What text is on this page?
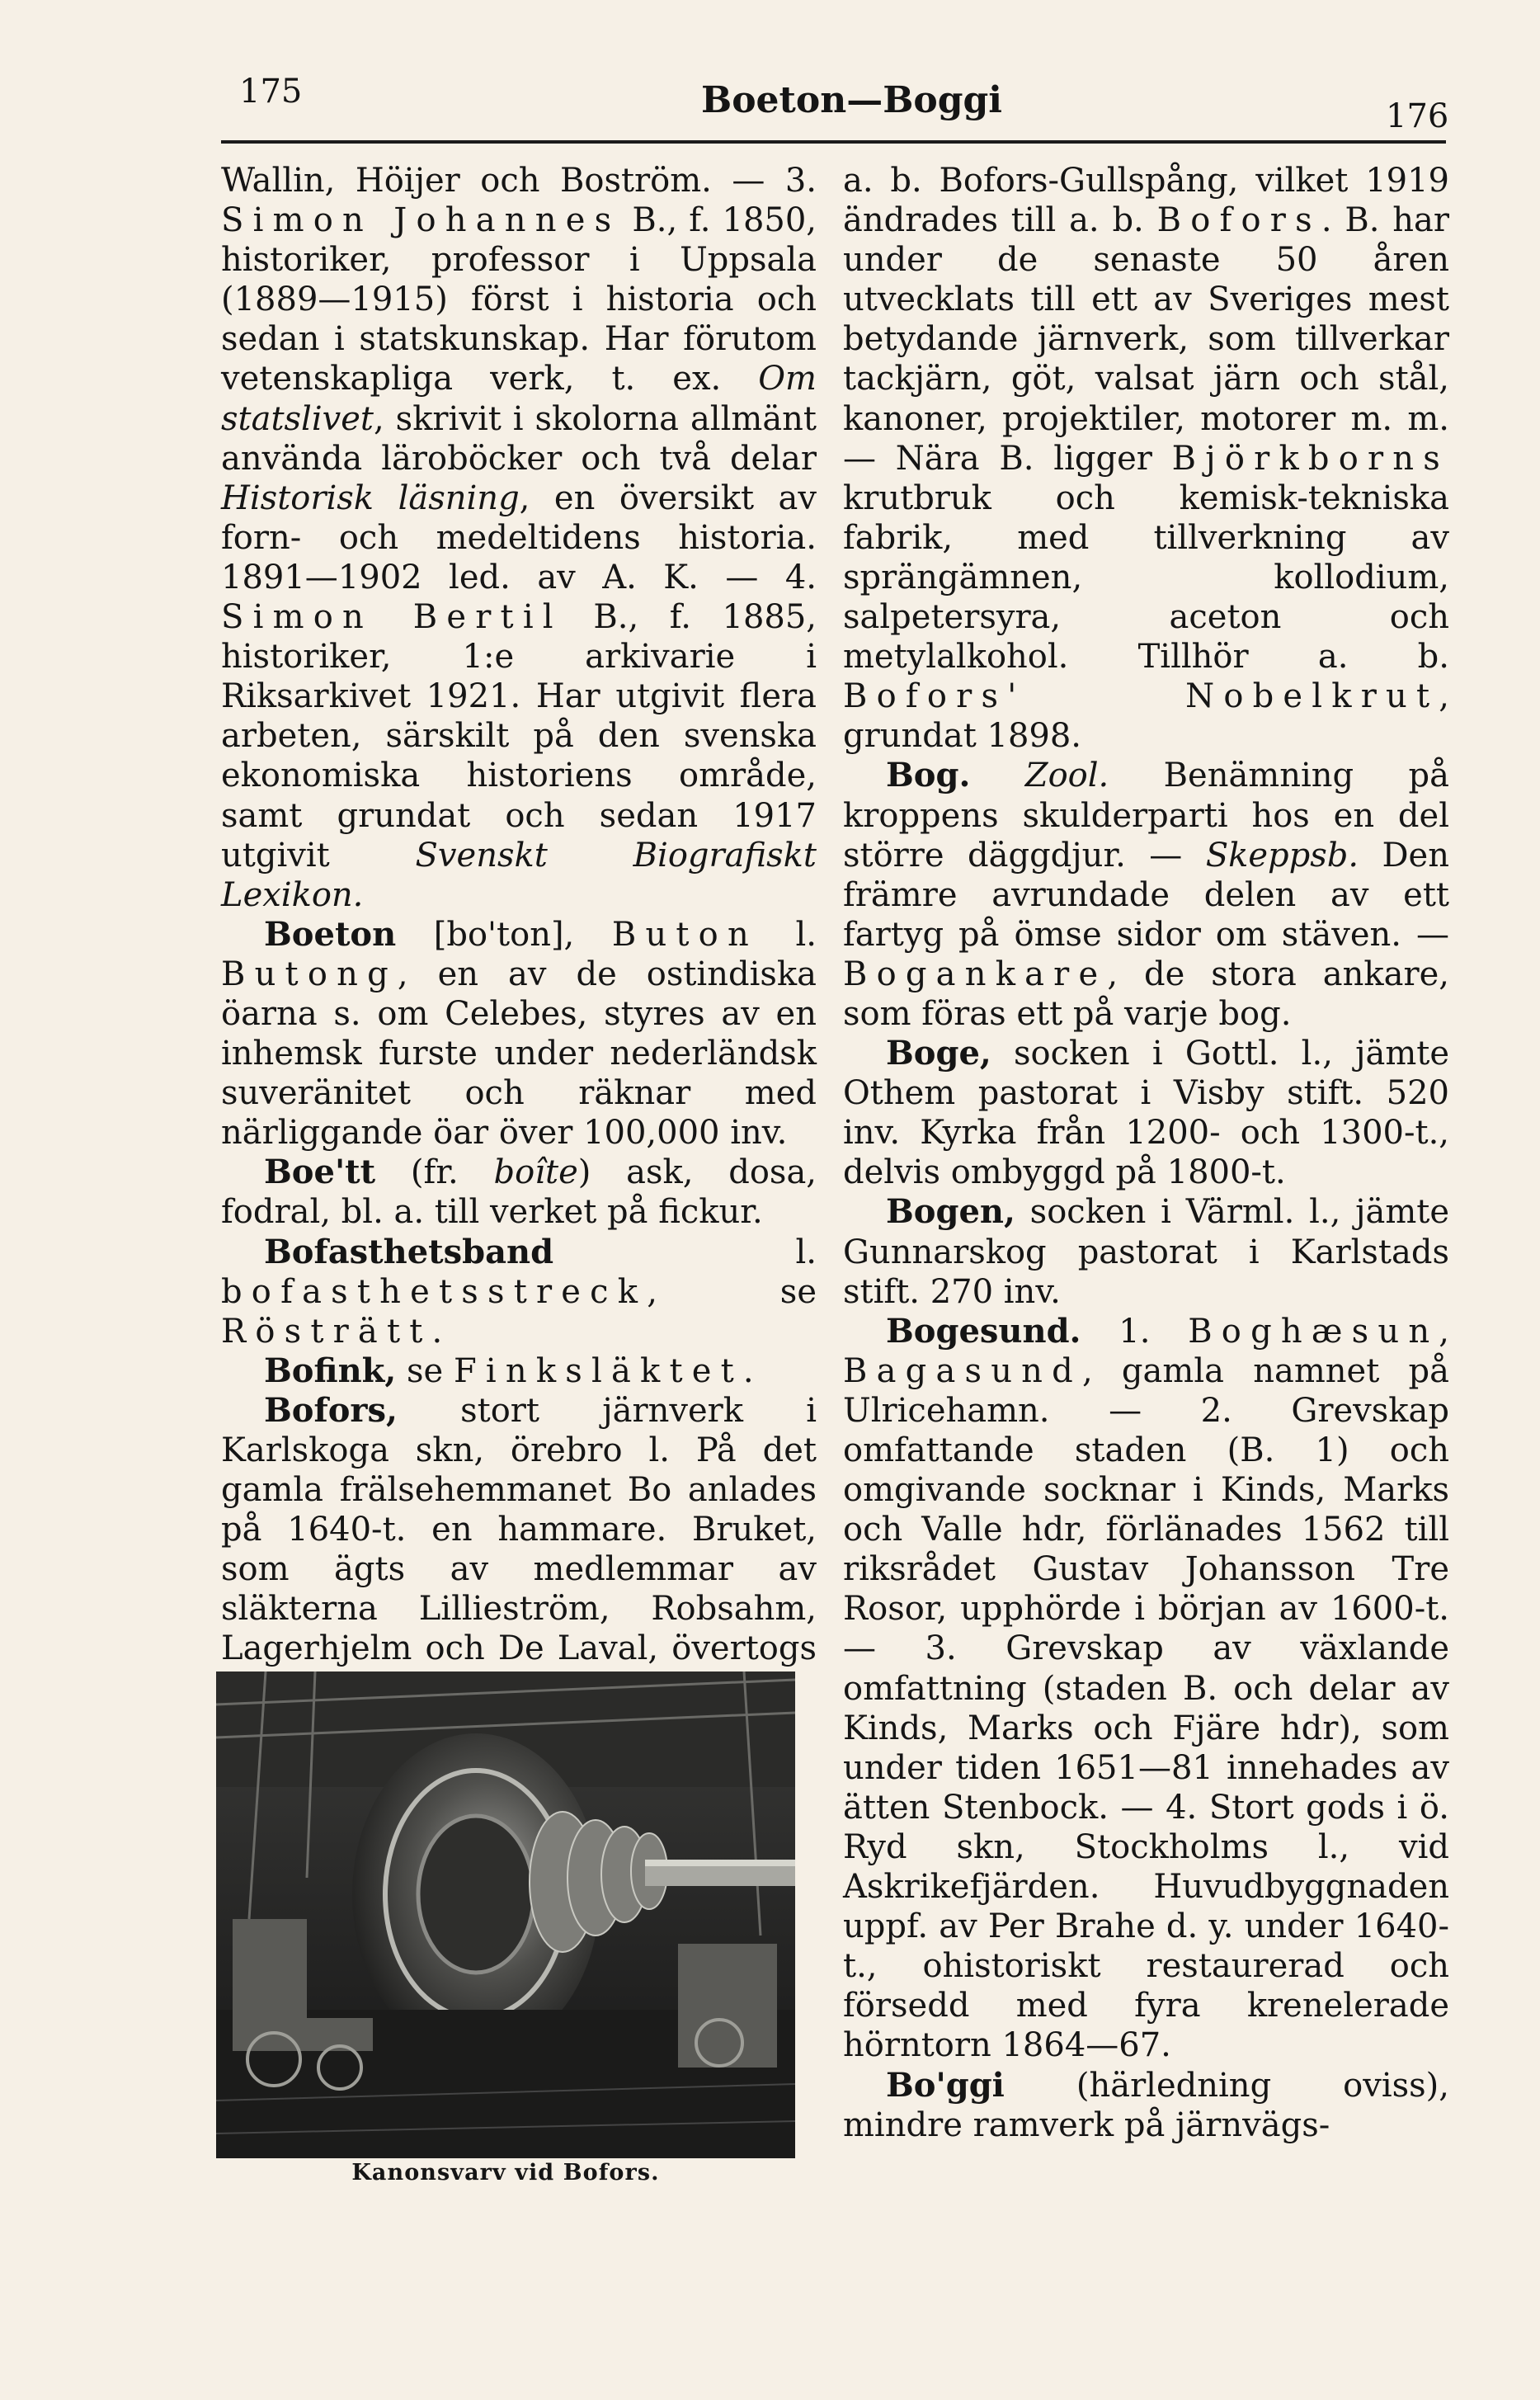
175	Boeton—Boggi	176

Wallin, Höijer och Boström. — 3. Simon Johannes B., f. 1850, historiker, professor i Uppsala (1889—1915) först i historia och sedan i statskunskap. Har förutom vetenskapliga verk, t. ex. Om statslivet, skrivit i skolorna allmänt använda läroböcker och två delar Historisk läsning, en översikt av forn- och medeltidens historia. 1891—1902 led. av A. K. — 4. Simon Bertil B., f. 1885, historiker, 1:e arkivarie i Riksarkivet 1921. Har utgivit flera arbeten, särskilt på den svenska ekonomiska historiens område, samt grundat och sedan 1917 utgivit Svenskt Biografiskt Lexikon.

Boeton [bo'ton], Buton l. Butong, en av de ostindiska öarna s. om Celebes, styres av en inhemsk furste under nederländsk suveränitet och räknar med närliggande öar över 100,000 inv.

Boe'tt (fr. boîte) ask, dosa, fodral, bl. a. till verket på fickur.

Bofasthetsband l. bofasthetsstreck, se Rösträtt.

Bofink, se Finksläktet.

Bofors, stort järnverk i Karlskoga skn, örebro l. På det gamla frälsehemmanet Bo anlades på 1640-t. en hammare. Bruket, som ägts av medlemmar av släkterna Lillieström, Robsahm, Lagerhjelm och De Laval, övertogs

Kanonsvarv vid Bofors.

a. b. Bofors-Gullspång, vilket 1919 ändrades till a. b. Bofors. B. har under de senaste 50 åren utvecklats till ett av Sveriges mest betydande järnverk, som tillverkar tackjärn, göt, valsat järn och stål, kanoner, projektiler, motorer m. m. — Nära B. ligger Björkborns krutbruk och kemisk-tekniska fabrik, med tillverkning av sprängämnen, kollodium, salpetersyra, aceton och metylalkohol. Tillhör a. b. Bofors' Nobelkrut, grundat 1898.

Bog. Zool. Benämning på kroppens skulderparti hos en del större däggdjur. — Skeppsb. Den främre avrundade delen av ett fartyg på ömse sidor om stäven. — Bogankare, de stora ankare, som föras ett på varje bog.

Boge, socken i Gottl. l., jämte Othem pastorat i Visby stift. 520 inv. Kyrka från 1200- och 1300-t., delvis ombyggd på 1800-t.

Bogen, socken i Värml. l., jämte Gunnarskog pastorat i Karlstads stift. 270 inv.

Bogesund. 1. Boghæsun, Bagasund, gamla namnet på Ulricehamn. — 2. Grevskap omfattande staden (B. 1) och omgivande socknar i Kinds, Marks och Valle hdr, förlänades 1562 till riksrådet Gustav Johansson Tre Rosor, upphörde i början av 1600-t. — 3. Grevskap av växlande omfattning (staden B. och delar av Kinds, Marks och Fjäre hdr), som under tiden 1651—81 innehades av ätten Stenbock. — 4. Stort gods i ö. Ryd skn, Stockholms l., vid Askrikefjärden. Huvudbyggnaden uppf. av Per Brahe d. y. under 1640-t., ohistoriskt restaurerad och försedd med fyra krenelerade hörntorn 1864—67.

Bo'ggi (härledning oviss), mindre ramverk på järnvägs-
